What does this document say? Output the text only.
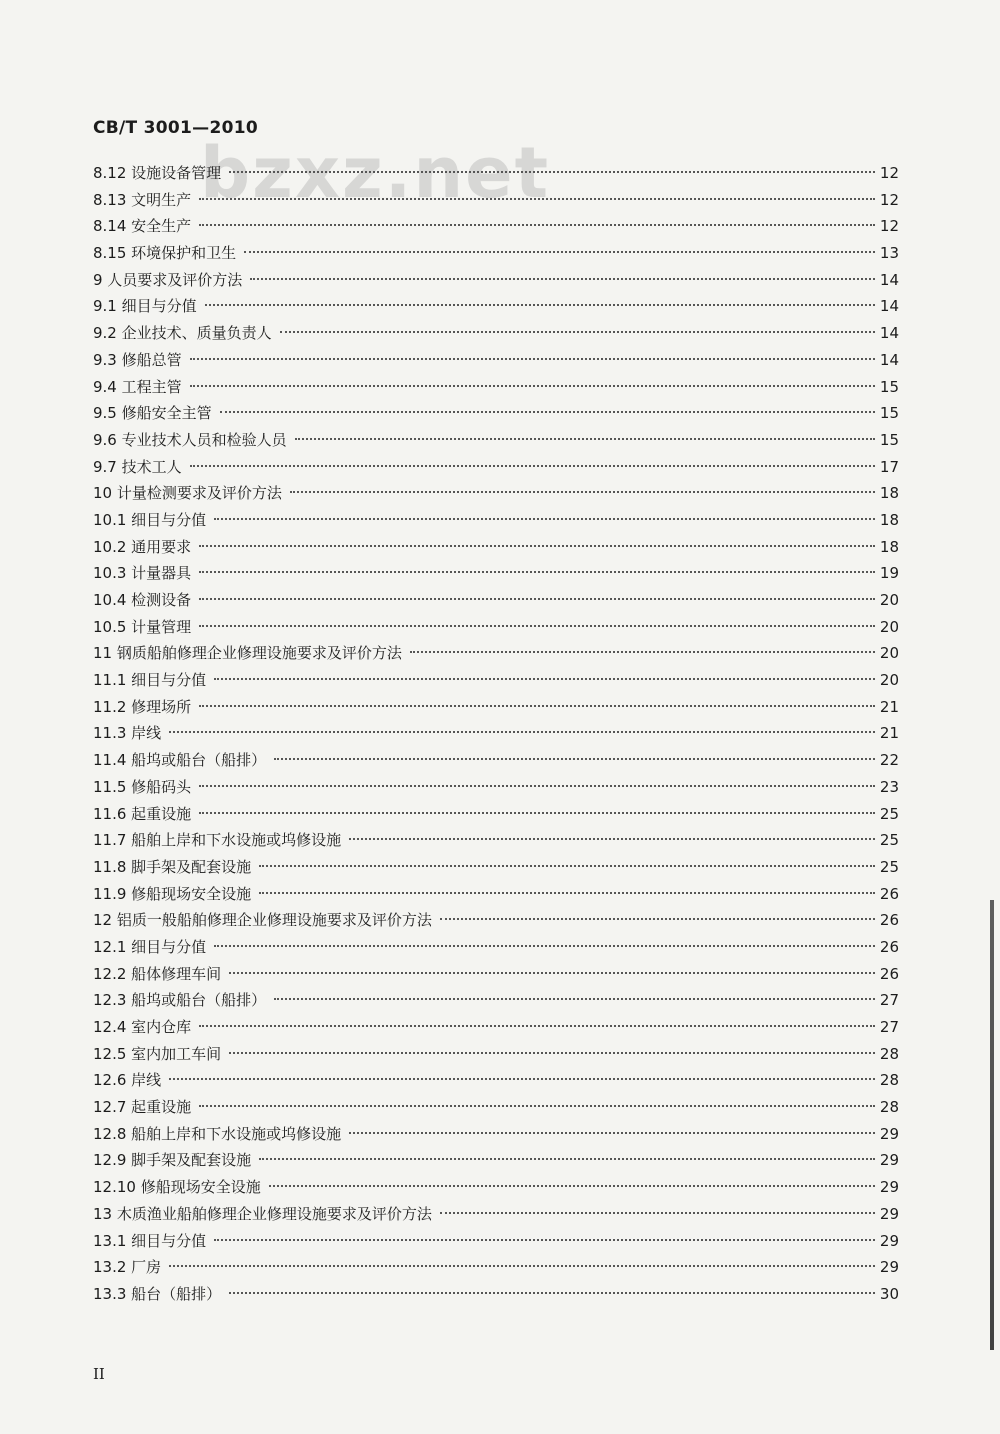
CB/T 3001—2010
bzxz.net
8.12 设施设备管理	12
8.13 文明生产	12
8.14 安全生产	12
8.15 环境保护和卫生	13
9 人员要求及评价方法	14
9.1 细目与分值	14
9.2 企业技术、质量负责人	14
9.3 修船总管	14
9.4 工程主管	15
9.5 修船安全主管	15
9.6 专业技术人员和检验人员	15
9.7 技术工人	17
10 计量检测要求及评价方法	18
10.1 细目与分值	18
10.2 通用要求	18
10.3 计量器具	19
10.4 检测设备	20
10.5 计量管理	20
11 钢质船舶修理企业修理设施要求及评价方法	20
11.1 细目与分值	20
11.2 修理场所	21
11.3 岸线	21
11.4 船坞或船台（船排）	22
11.5 修船码头	23
11.6 起重设施	25
11.7 船舶上岸和下水设施或坞修设施	25
11.8 脚手架及配套设施	25
11.9 修船现场安全设施	26
12 铝质一般船舶修理企业修理设施要求及评价方法	26
12.1 细目与分值	26
12.2 船体修理车间	26
12.3 船坞或船台（船排）	27
12.4 室内仓库	27
12.5 室内加工车间	28
12.6 岸线	28
12.7 起重设施	28
12.8 船舶上岸和下水设施或坞修设施	29
12.9 脚手架及配套设施	29
12.10 修船现场安全设施	29
13 木质渔业船舶修理企业修理设施要求及评价方法	29
13.1 细目与分值	29
13.2 厂房	29
13.3 船台（船排）	30
II
